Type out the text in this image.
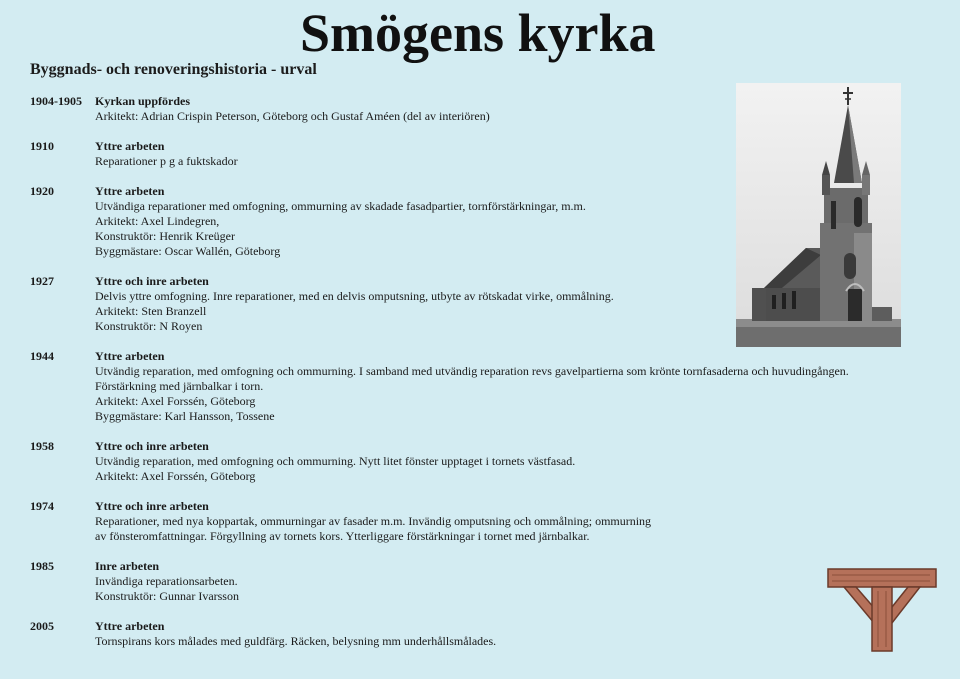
Smögens kyrka
Byggnads- och renoveringshistoria - urval
1904-1905	Kyrkan uppfördes
Arkitekt: Adrian Crispin Peterson, Göteborg och Gustaf Améen (del av interiören)
1910	Yttre arbeten
Reparationer p g a fuktskador
1920	Yttre arbeten
Utvändiga reparationer med omfogning, ommurning av skadade fasadpartier, tornförstärkningar, m.m.
Arkitekt: Axel Lindegren,
Konstruktör: Henrik Kreüger
Byggmästare: Oscar Wallén, Göteborg
1927	Yttre och inre arbeten
Delvis yttre omfogning. Inre reparationer, med en delvis omputsning, utbyte av rötskadat virke, ommålning.
Arkitekt: Sten Branzell
Konstruktör: N Royen
1944	Yttre arbeten
Utvändig reparation, med omfogning och ommurning. I samband med utvändig reparation revs gavelpartierna som krönte tornfasaderna och huvudingången.
Förstärkning med järnbalkar i torn.
Arkitekt: Axel Forssén, Göteborg
Byggmästare: Karl Hansson, Tossene
1958	Yttre och inre arbeten
Utvändig reparation, med omfogning och ommurning. Nytt litet fönster upptaget i tornets västfasad.
Arkitekt: Axel Forssén, Göteborg
1974	Yttre och inre arbeten
Reparationer, med nya koppartak, ommurningar av fasader m.m. Invändig omputsning och ommålning; ommurning
av fönsteromfattningar. Förgyllning av tornets kors. Ytterliggare förstärkningar i tornet med järnbalkar.
1985	Inre arbeten
Invändiga reparationsarbeten.
Konstruktör: Gunnar Ivarsson
2005	Yttre arbeten
Tornspirans kors målades med guldfärg. Räcken, belysning mm underhållsmålades.
